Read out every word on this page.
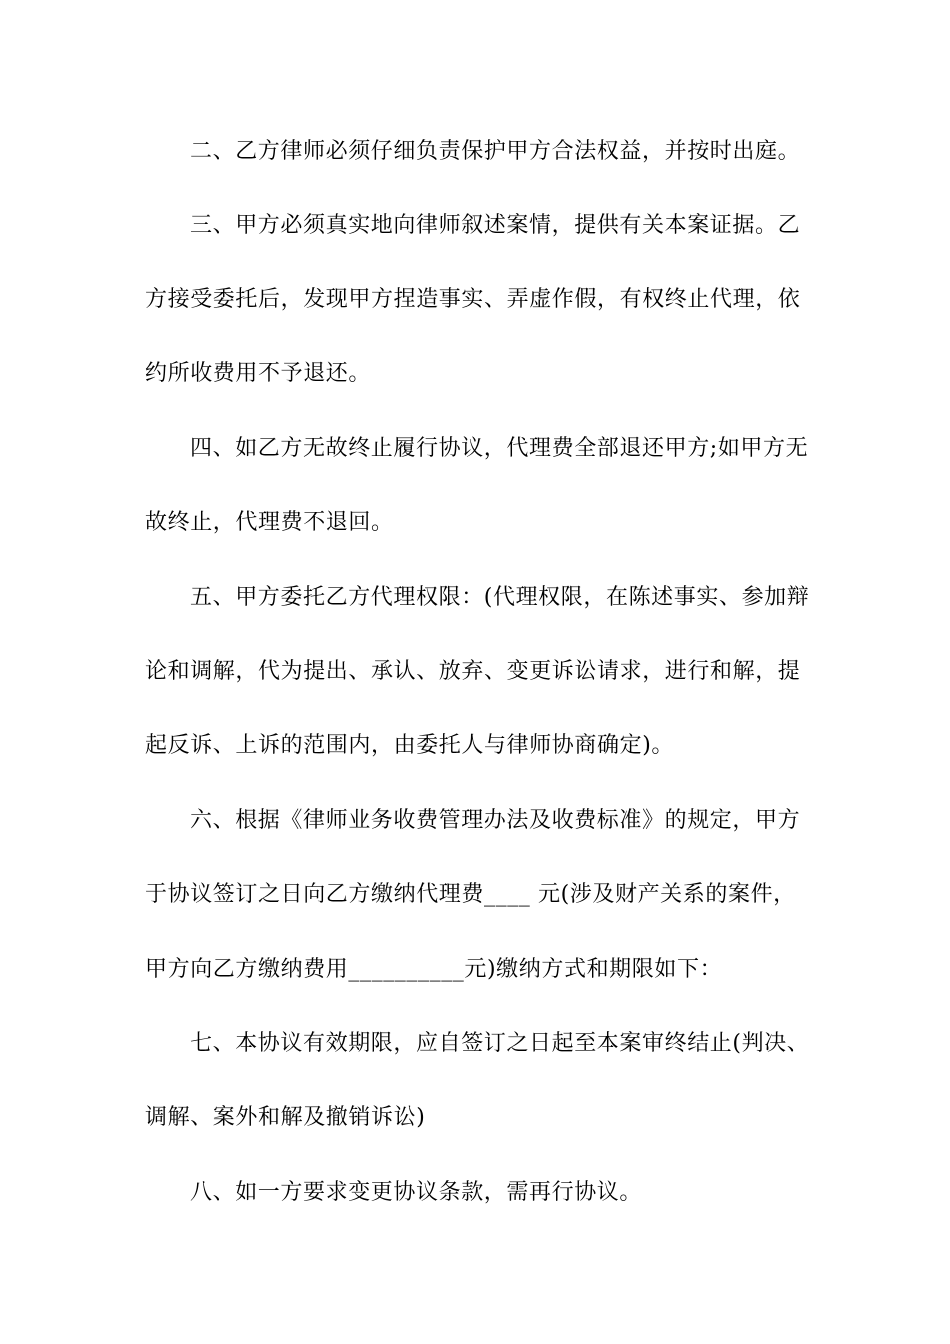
二、乙方律师必须仔细负责保护甲方合法权益，并按时出庭。
三、甲方必须真实地向律师叙述案情，提供有关本案证据。乙
方接受委托后，发现甲方捏造事实、弄虚作假，有权终止代理，依
约所收费用不予退还。
四、如乙方无故终止履行协议，代理费全部退还甲方;如甲方无
故终止，代理费不退回。
五、甲方委托乙方代理权限：(代理权限，在陈述事实、参加辩
论和调解，代为提出、承认、放弃、变更诉讼请求，进行和解，提
起反诉、上诉的范围内，由委托人与律师协商确定)。
六、根据《律师业务收费管理办法及收费标准》的规定，甲方
于协议签订之日向乙方缴纳代理费____ 元(涉及财产关系的案件，
甲方向乙方缴纳费用__________元)缴纳方式和期限如下：
七、本协议有效期限，应自签订之日起至本案审终结止(判决、
调解、案外和解及撤销诉讼)
八、如一方要求变更协议条款，需再行协议。
